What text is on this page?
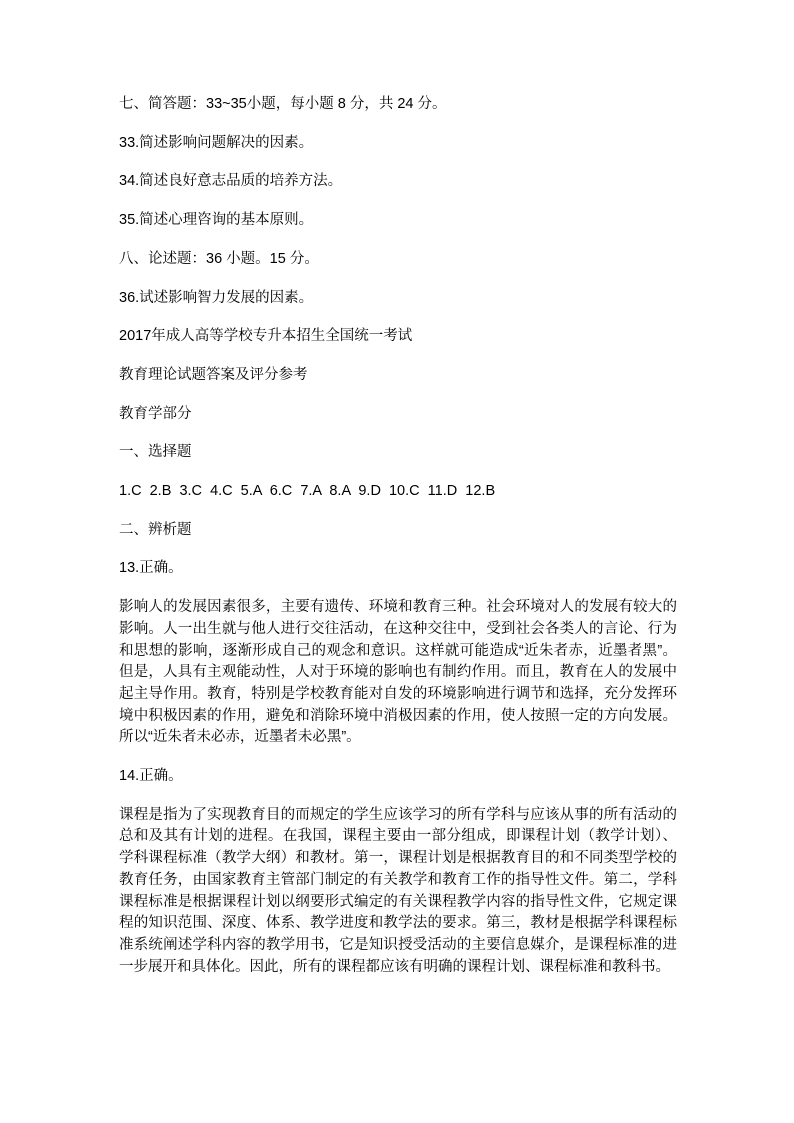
七、简答题：33~35小题，每小题 8 分，共 24 分。

33.简述影响问题解决的因素。

34.简述良好意志品质的培养方法。

35.简述心理咨询的基本原则。

八、论述题：36 小题。15 分。

36.试述影响智力发展的因素。

2017年成人高等学校专升本招生全国统一考试

教育理论试题答案及评分参考

教育学部分

一、选择题

1.C  2.B  3.C  4.C  5.A  6.C  7.A  8.A  9.D  10.C  11.D  12.B

二、辨析题

13.正确。

影响人的发展因素很多，主要有遗传、环境和教育三种。社会环境对人的发展有较大的影响。人一出生就与他人进行交往活动，在这种交往中，受到社会各类人的言论、行为和思想的影响，逐渐形成自己的观念和意识。这样就可能造成“近朱者赤，近墨者黑”。但是，人具有主观能动性，人对于环境的影响也有制约作用。而且，教育在人的发展中起主导作用。教育，特别是学校教育能对自发的环境影响进行调节和选择，充分发挥环境中积极因素的作用，避免和消除环境中消极因素的作用，使人按照一定的方向发展。所以“近朱者未必赤，近墨者未必黑”。

14.正确。

课程是指为了实现教育目的而规定的学生应该学习的所有学科与应该从事的所有活动的总和及其有计划的进程。在我国，课程主要由一部分组成，即课程计划（教学计划）、学科课程标准（教学大纲）和教材。第一，课程计划是根据教育目的和不同类型学校的教育任务，由国家教育主管部门制定的有关教学和教育工作的指导性文件。第二，学科课程标准是根据课程计划以纲要形式编定的有关课程教学内容的指导性文件，它规定课程的知识范围、深度、体系、教学进度和教学法的要求。第三，教材是根据学科课程标准系统阐述学科内容的教学用书，它是知识授受活动的主要信息媒介，是课程标准的进一步展开和具体化。因此，所有的课程都应该有明确的课程计划、课程标准和教科书。
